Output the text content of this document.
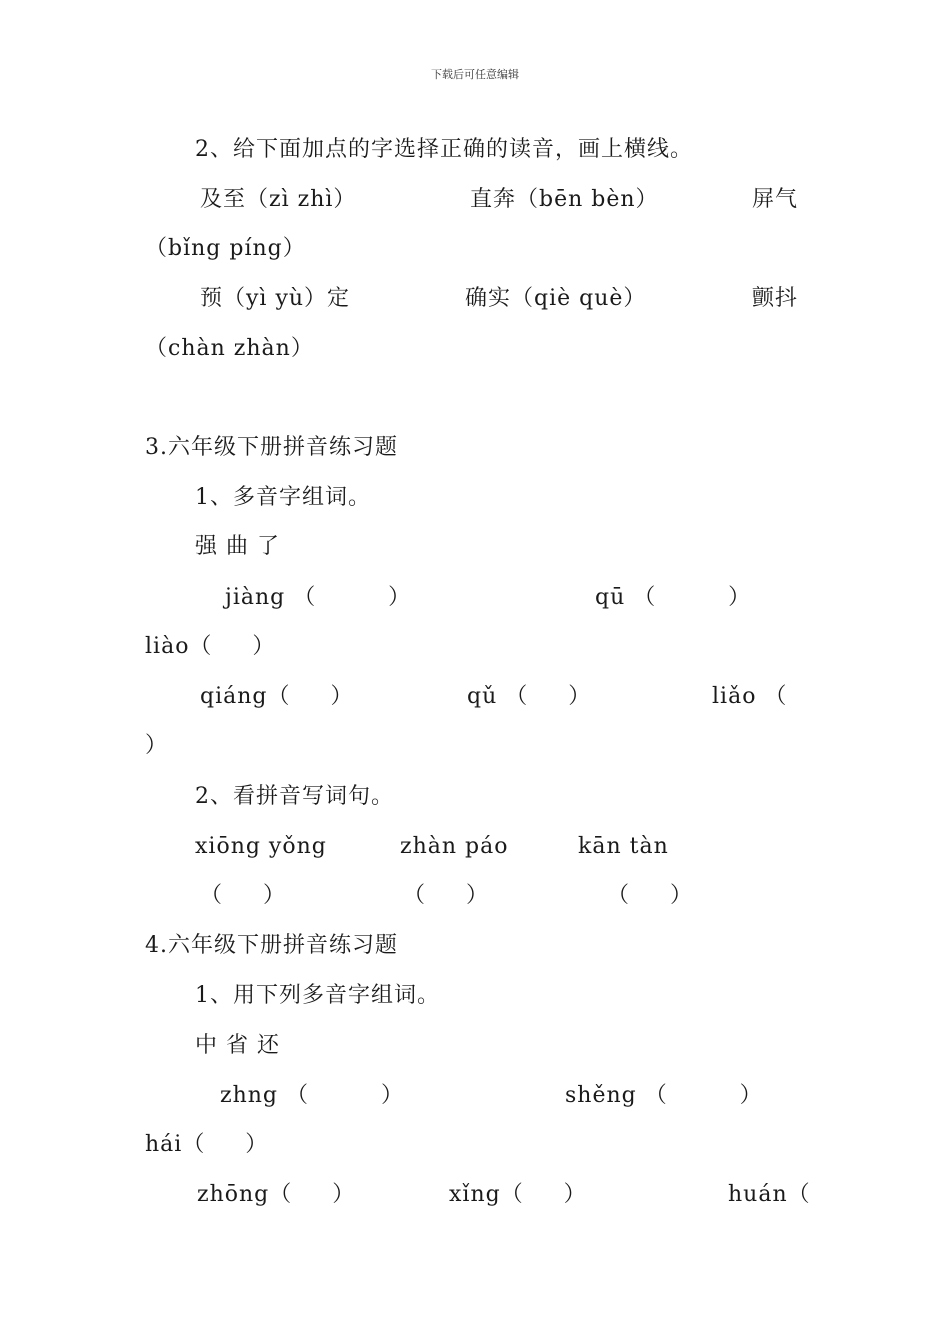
下载后可任意编辑
2、给下面加点的字选择正确的读音，画上横线。
及至（zì zhì）	直奔（bēn bèn）	屏气
（bǐng píng）
预（yì yù）定	确实（qiè què）	颤抖
（chàn zhàn）
3.六年级下册拼音练习题
1、多音字组词。
强 曲 了
jiàng （         ）	qū （         ）
liào（     ）
qiáng（     ）	qǔ （     ）	liǎo （
）
2、看拼音写词句。
xiōng yǒng	zhàn páo	kān tàn
（     ）	（     ）	（     ）
4.六年级下册拼音练习题
1、用下列多音字组词。
中 省 还
zhng （         ）	shěng （         ）
hái（     ）
zhōng（     ）	xǐng（     ）	huán（
